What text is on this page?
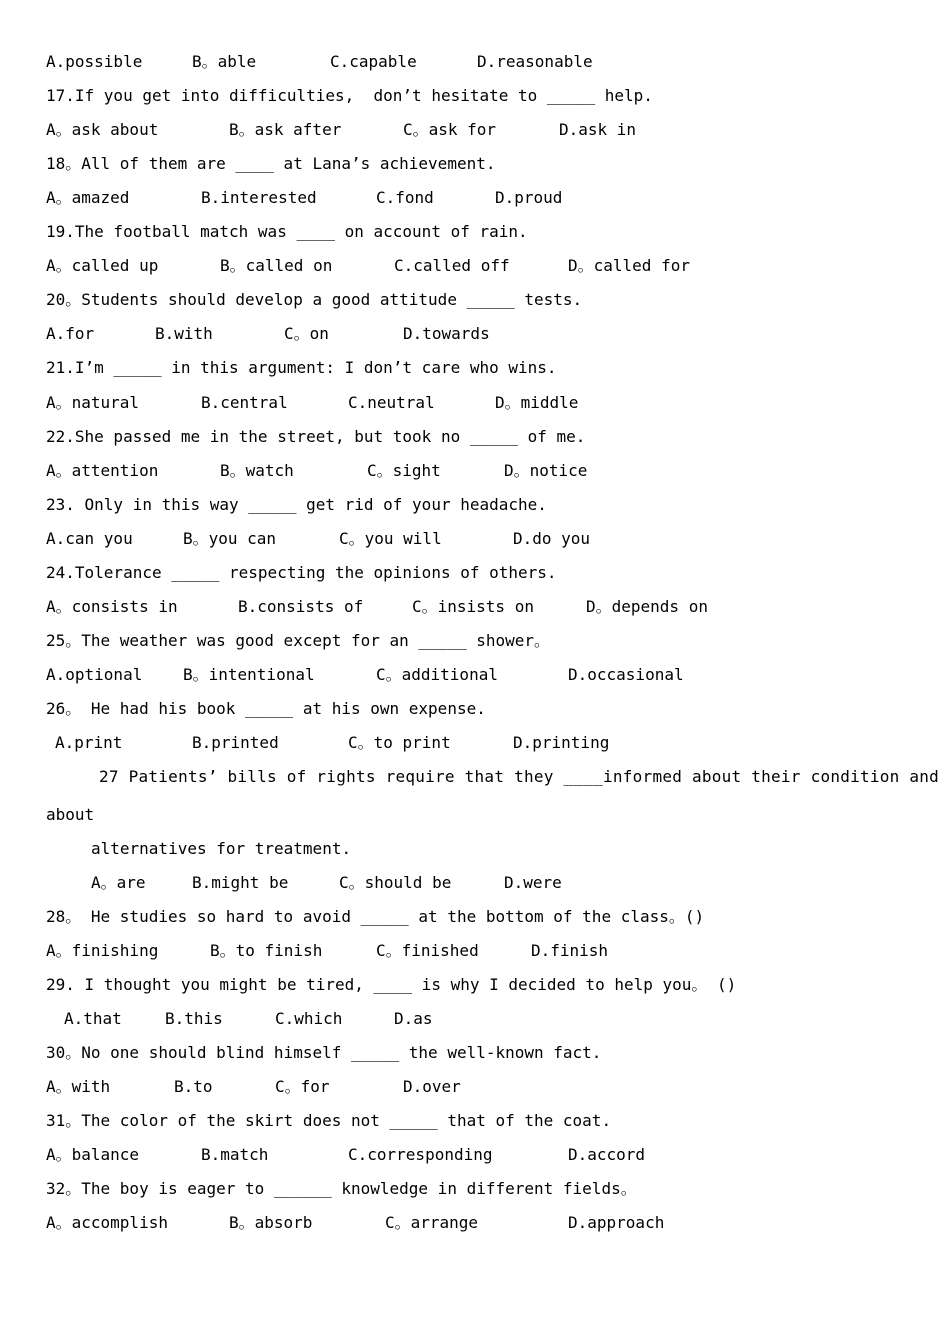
A.possible

	B。able

	C.capable

	D.reasonable

17.If you get into difficulties,  don’t hesitate to _____ help.

A。ask about

	B。ask after

	C。ask for

	D.ask in

18。All of them are ____ at Lana’s achievement.

A。amazed

	B.interested

	C.fond

	D.proud

19.The football match was ____ on account of rain.

A。called up

	B。called on

	C.called off

	D。called for

20。Students should develop a good attitude _____ tests.

A.for

	B.with

	C。on

	D.towards

21.I’m _____ in this argument: I don’t care who wins.

A。natural

	B.central

	C.neutral

	D。middle

22.She passed me in the street, but took no _____ of me.

A。attention

	B。watch

	C。sight

	D。notice

23. Only in this way _____ get rid of your headache.

A.can you

	B。you can

	C。you will

	D.do you

24.Tolerance _____ respecting the opinions of others.

A。consists in

	B.consists of

	C。insists on

	D。depends on

25。The weather was good except for an _____ shower。

A.optional

	B。intentional

	C。additional

	D.occasional

26。 He had his book _____ at his own expense.

A.print

	B.printed

	C。to print

	D.printing

27 Patients’ bills of rights require that they ____informed about their condition and

about

alternatives for treatment.

A。are

	B.might be

	C。should be

	D.were

28。 He studies so hard to avoid _____ at the bottom of the class。()

A。finishing

	B。to finish

	C。finished

	D.finish

29. I thought you might be tired, ____ is why I decided to help you。 ()

A.that

	B.this

	C.which

	D.as

30。No one should blind himself _____ the well-known fact.

A。with

	B.to

	C。for

	D.over

31。The color of the skirt does not _____ that of the coat.

A。balance

	B.match

	C.corresponding

	D.accord

32。The boy is eager to ______ knowledge in different fields。

A。accomplish

	B。absorb

	C。arrange

	D.approach
